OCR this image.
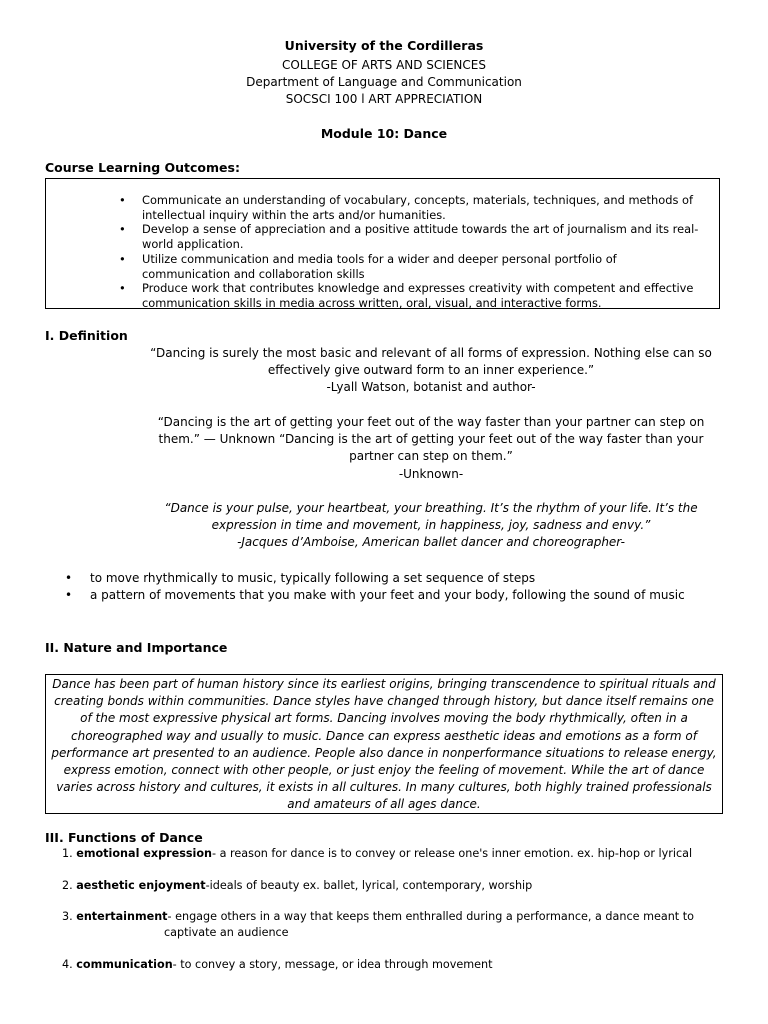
University of the Cordilleras
COLLEGE OF ARTS AND SCIENCES
Department of Language and Communication
SOCSCI 100 l ART APPRECIATION
Module 10: Dance
Course Learning Outcomes:
• Communicate an understanding of vocabulary, concepts, materials, techniques, and methods of intellectual inquiry within the arts and/or humanities.
• Develop a sense of appreciation and a positive attitude towards the art of journalism and its real-world application.
• Utilize communication and media tools for a wider and deeper personal portfolio of communication and collaboration skills
• Produce work that contributes knowledge and expresses creativity with competent and effective communication skills in media across written, oral, visual, and interactive forms.
I. Definition
“Dancing is surely the most basic and relevant of all forms of expression. Nothing else can so effectively give outward form to an inner experience.”
-Lyall Watson, botanist and author-
“Dancing is the art of getting your feet out of the way faster than your partner can step on them.” — Unknown “Dancing is the art of getting your feet out of the way faster than your partner can step on them.”
-Unknown-
“Dance is your pulse, your heartbeat, your breathing. It’s the rhythm of your life. It’s the expression in time and movement, in happiness, joy, sadness and envy.”
-Jacques d’Amboise, American ballet dancer and choreographer-
• to move rhythmically to music, typically following a set sequence of steps
• a pattern of movements that you make with your feet and your body, following the sound of music
II. Nature and Importance
Dance has been part of human history since its earliest origins, bringing transcendence to spiritual rituals and creating bonds within communities. Dance styles have changed through history, but dance itself remains one of the most expressive physical art forms. Dancing involves moving the body rhythmically, often in a choreographed way and usually to music. Dance can express aesthetic ideas and emotions as a form of performance art presented to an audience. People also dance in nonperformance situations to release energy, express emotion, connect with other people, or just enjoy the feeling of movement. While the art of dance varies across history and cultures, it exists in all cultures. In many cultures, both highly trained professionals and amateurs of all ages dance.
III. Functions of Dance
1. emotional expression- a reason for dance is to convey or release one's inner emotion. ex. hip-hop or lyrical
2. aesthetic enjoyment-ideals of beauty ex. ballet, lyrical, contemporary, worship
3. entertainment- engage others in a way that keeps them enthralled during a performance, a dance meant to
captivate an audience
4. communication- to convey a story, message, or idea through movement
